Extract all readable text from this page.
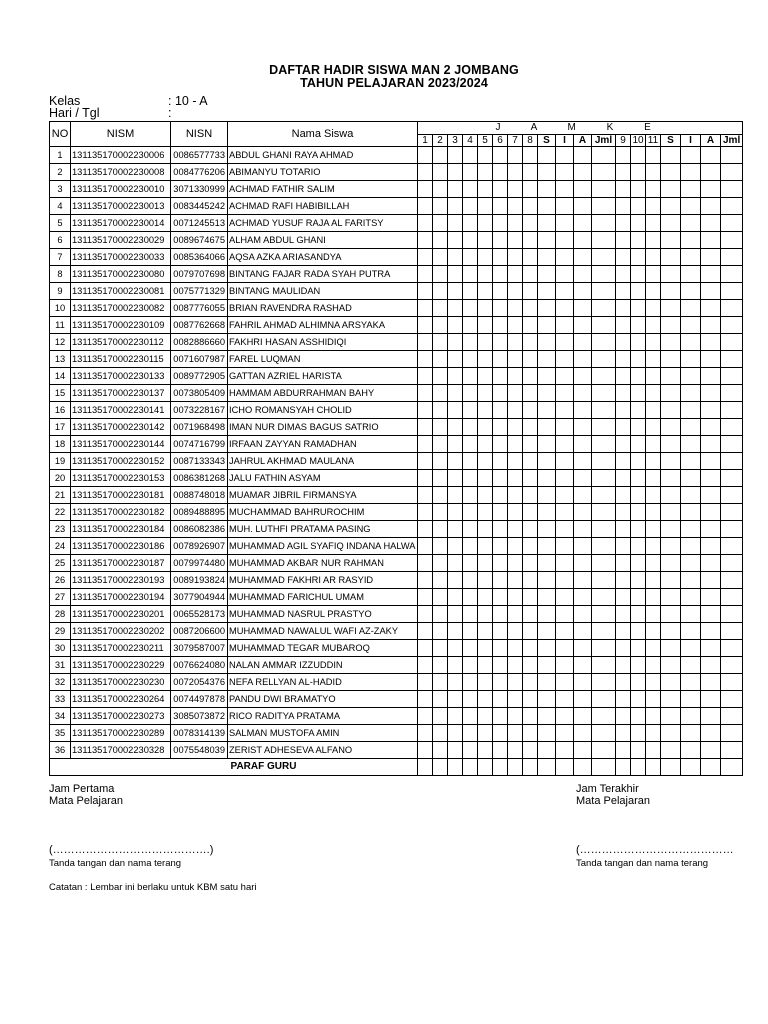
DAFTAR HADIR SISWA MAN 2 JOMBANG
TAHUN PELAJARAN 2023/2024
Kelas	: 10 - A
Hari / Tgl	:
NO	NISM	NISN	Nama Siswa	J A M K E																		
				1	2	3	4	5	6	7	8	S	I	A	Jml	9	10	11	S	I	A	Jml
1	131135170002230006	0086577733	ABDUL GHANI RAYA AHMAD																			
2	131135170002230008	0084776206	ABIMANYU TOTARIO																			
3	131135170002230010	3071330999	ACHMAD FATHIR SALIM																			
4	131135170002230013	0083445242	ACHMAD RAFI HABIBILLAH																			
5	131135170002230014	0071245513	ACHMAD YUSUF RAJA AL FARITSY																			
6	131135170002230029	0089674675	ALHAM ABDUL GHANI																			
7	131135170002230033	0085364066	AQSA AZKA ARIASANDYA																			
8	131135170002230080	0079707698	BINTANG FAJAR RADA SYAH PUTRA																			
9	131135170002230081	0075771329	BINTANG MAULIDAN																			
10	131135170002230082	0087776055	BRIAN RAVENDRA RASHAD																			
11	131135170002230109	0087762668	FAHRIL AHMAD ALHIMNA ARSYAKA																			
12	131135170002230112	0082886660	FAKHRI HASAN ASSHIDIQI																			
13	131135170002230115	0071607987	FAREL LUQMAN																			
14	131135170002230133	0089772905	GATTAN AZRIEL HARISTA																			
15	131135170002230137	0073805409	HAMMAM ABDURRAHMAN BAHY																			
16	131135170002230141	0073228167	ICHO ROMANSYAH CHOLID																			
17	131135170002230142	0071968498	IMAN NUR DIMAS BAGUS SATRIO																			
18	131135170002230144	0074716799	IRFAAN ZAYYAN RAMADHAN																			
19	131135170002230152	0087133343	JAHRUL AKHMAD MAULANA																			
20	131135170002230153	0086381268	JALU FATHIN ASYAM																			
21	131135170002230181	0088748018	MUAMAR JIBRIL FIRMANSYA																			
22	131135170002230182	0089488895	MUCHAMMAD BAHRUROCHIM																			
23	131135170002230184	0086082386	MUH. LUTHFI PRATAMA PASING																			
24	131135170002230186	0078926907	MUHAMMAD AGIL SYAFIQ INDANA HALWA																			
25	131135170002230187	0079974480	MUHAMMAD AKBAR NUR RAHMAN																			
26	131135170002230193	0089193824	MUHAMMAD FAKHRI AR RASYID																			
27	131135170002230194	3077904944	MUHAMMAD FARICHUL UMAM																			
28	131135170002230201	0065528173	MUHAMMAD NASRUL PRASTYO																			
29	131135170002230202	0087206600	MUHAMMAD NAWALUL WAFI AZ-ZAKY																			
30	131135170002230211	3079587007	MUHAMMAD TEGAR MUBAROQ																			
31	131135170002230229	0076624080	NALAN AMMAR IZZUDDIN																			
32	131135170002230230	0072054376	NEFA RELLYAN AL-HADID																			
33	131135170002230264	0074497878	PANDU DWI BRAMATYO																			
34	131135170002230273	3085073872	RICO RADITYA PRATAMA																			
35	131135170002230289	0078314139	SALMAN MUSTOFA AMIN																			
36	131135170002230328	0075548039	ZERIST ADHESEVA ALFANO																			
PARAF GURU																						
Jam Pertama
Mata Pelajaran
Jam Terakhir
Mata Pelajaran
(…………………………………….)	(……………………………………
Tanda tangan dan nama terang	Tanda tangan dan nama terang
Catatan : Lembar ini berlaku untuk KBM satu hari
